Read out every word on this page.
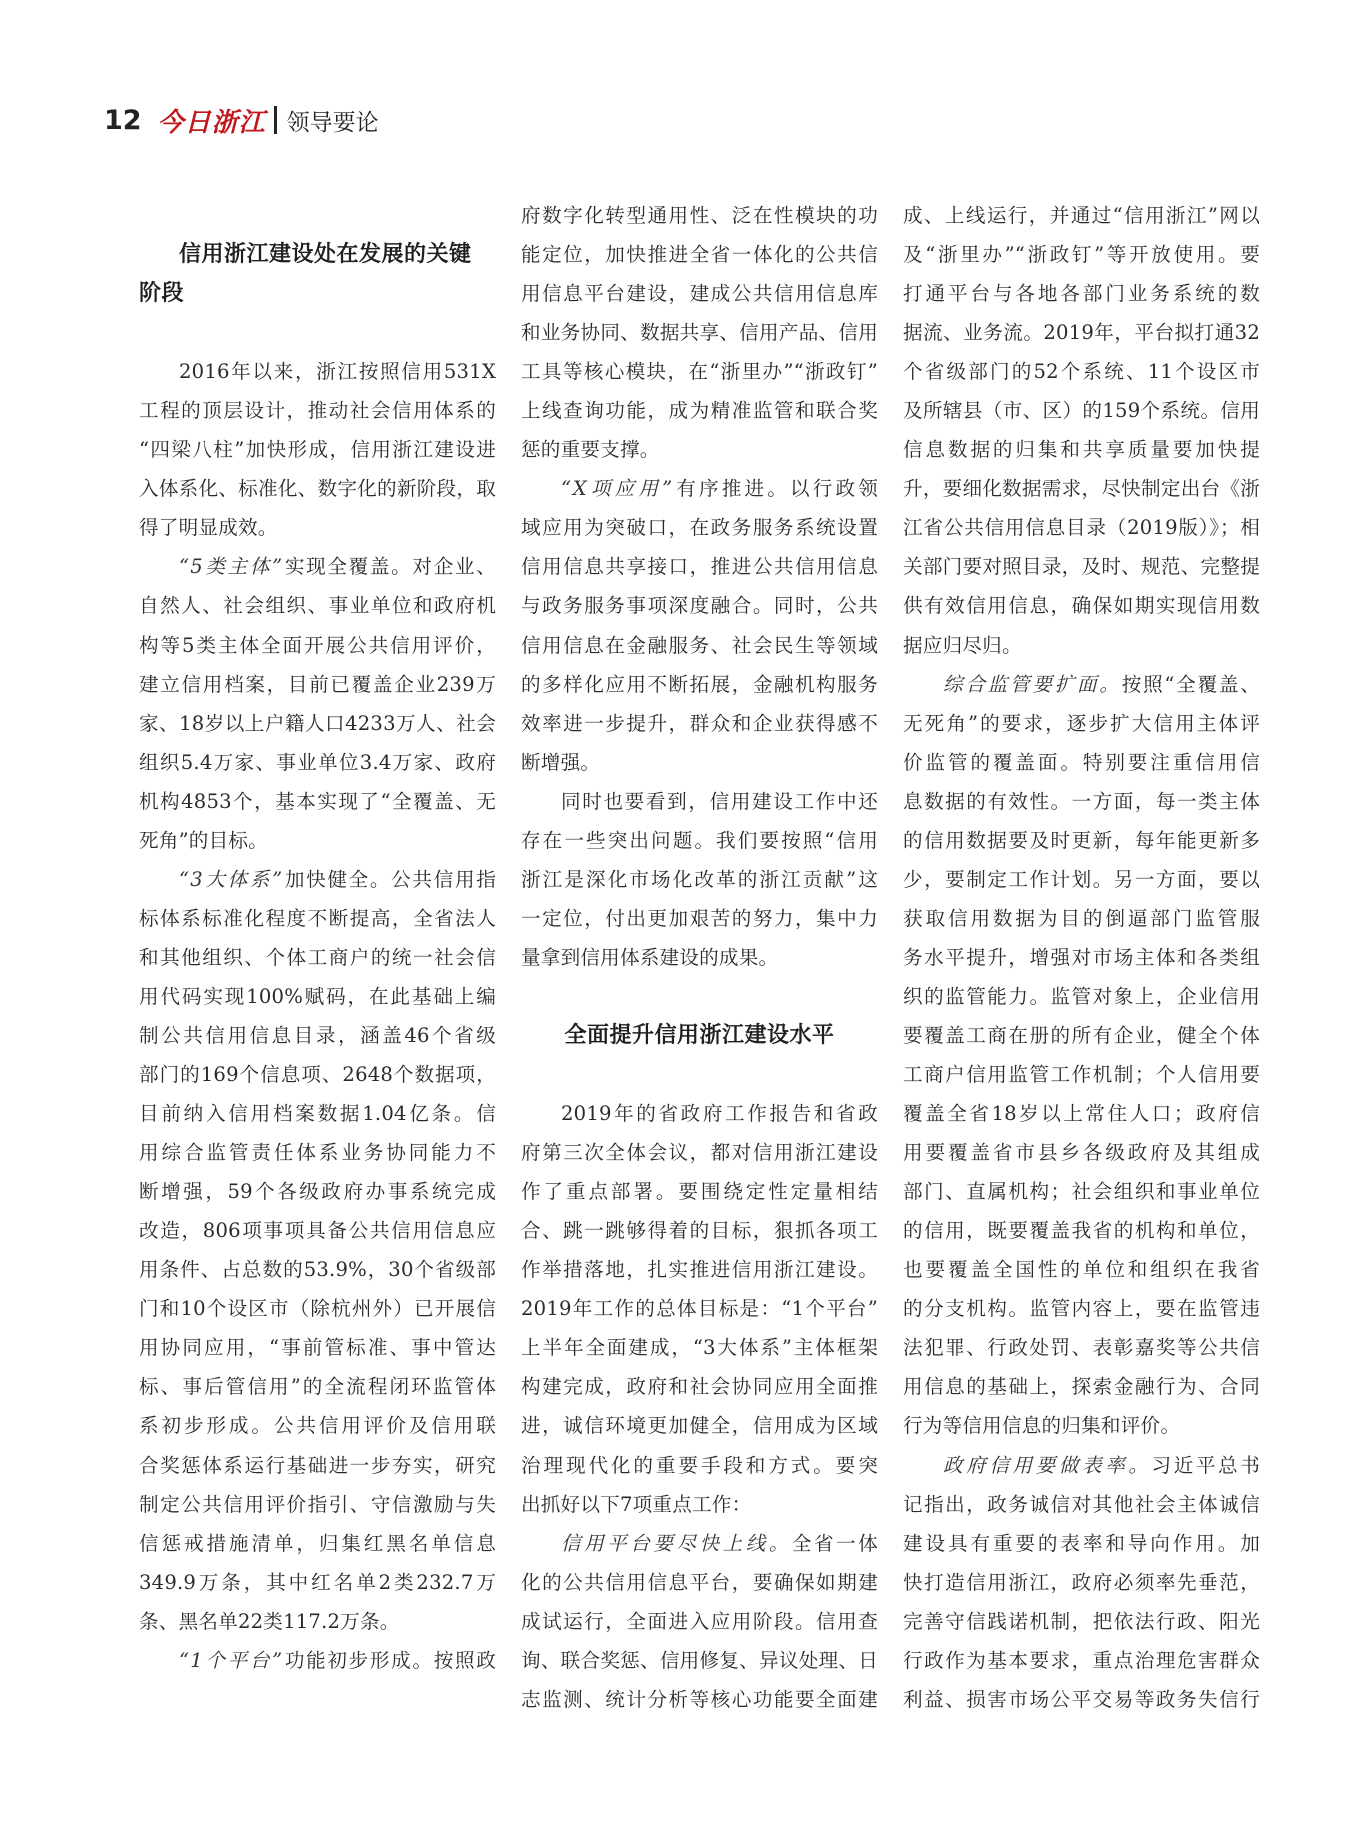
12 今日浙江 领导要论
信用浙江建设处在发展的关键
阶段
2016年以来，浙江按照信用531X
工程的顶层设计，推动社会信用体系的
“四梁八柱”加快形成，信用浙江建设进
入体系化、标准化、数字化的新阶段，取
得了明显成效。
“5类主体”实现全覆盖。对企业、
自然人、社会组织、事业单位和政府机
构等5类主体全面开展公共信用评价，
建立信用档案，目前已覆盖企业239万
家、18岁以上户籍人口4233万人、社会
组织5.4万家、事业单位3.4万家、政府
机构4853个，基本实现了“全覆盖、无
死角”的目标。
“3大体系”加快健全。公共信用指
标体系标准化程度不断提高，全省法人
和其他组织、个体工商户的统一社会信
用代码实现100%赋码，在此基础上编
制公共信用信息目录，涵盖46个省级
部门的169个信息项、2648个数据项，
目前纳入信用档案数据1.04亿条。信
用综合监管责任体系业务协同能力不
断增强，59个各级政府办事系统完成
改造，806项事项具备公共信用信息应
用条件、占总数的53.9%，30个省级部
门和10个设区市（除杭州外）已开展信
用协同应用，“事前管标准、事中管达
标、事后管信用”的全流程闭环监管体
系初步形成。公共信用评价及信用联
合奖惩体系运行基础进一步夯实，研究
制定公共信用评价指引、守信激励与失
信惩戒措施清单，归集红黑名单信息
349.9万条，其中红名单2类232.7万
条、黑名单22类117.2万条。
“1个平台”功能初步形成。按照政
府数字化转型通用性、泛在性模块的功
能定位，加快推进全省一体化的公共信
用信息平台建设，建成公共信用信息库
和业务协同、数据共享、信用产品、信用
工具等核心模块，在“浙里办”“浙政钉”
上线查询功能，成为精准监管和联合奖
惩的重要支撑。
“X项应用”有序推进。以行政领
域应用为突破口，在政务服务系统设置
信用信息共享接口，推进公共信用信息
与政务服务事项深度融合。同时，公共
信用信息在金融服务、社会民生等领域
的多样化应用不断拓展，金融机构服务
效率进一步提升，群众和企业获得感不
断增强。
同时也要看到，信用建设工作中还
存在一些突出问题。我们要按照“信用
浙江是深化市场化改革的浙江贡献”这
一定位，付出更加艰苦的努力，集中力
量拿到信用体系建设的成果。
全面提升信用浙江建设水平
2019年的省政府工作报告和省政
府第三次全体会议，都对信用浙江建设
作了重点部署。要围绕定性定量相结
合、跳一跳够得着的目标，狠抓各项工
作举措落地，扎实推进信用浙江建设。
2019年工作的总体目标是：“1个平台”
上半年全面建成，“3大体系”主体框架
构建完成，政府和社会协同应用全面推
进，诚信环境更加健全，信用成为区域
治理现代化的重要手段和方式。要突
出抓好以下7项重点工作：
信用平台要尽快上线。全省一体
化的公共信用信息平台，要确保如期建
成试运行，全面进入应用阶段。信用查
询、联合奖惩、信用修复、异议处理、日
志监测、统计分析等核心功能要全面建
成、上线运行，并通过“信用浙江”网以
及“浙里办”“浙政钉”等开放使用。要
打通平台与各地各部门业务系统的数
据流、业务流。2019年，平台拟打通32
个省级部门的52个系统、11个设区市
及所辖县（市、区）的159个系统。信用
信息数据的归集和共享质量要加快提
升，要细化数据需求，尽快制定出台《浙
江省公共信用信息目录（2019版）》；相
关部门要对照目录，及时、规范、完整提
供有效信用信息，确保如期实现信用数
据应归尽归。
综合监管要扩面。按照“全覆盖、
无死角”的要求，逐步扩大信用主体评
价监管的覆盖面。特别要注重信用信
息数据的有效性。一方面，每一类主体
的信用数据要及时更新，每年能更新多
少，要制定工作计划。另一方面，要以
获取信用数据为目的倒逼部门监管服
务水平提升，增强对市场主体和各类组
织的监管能力。监管对象上，企业信用
要覆盖工商在册的所有企业，健全个体
工商户信用监管工作机制；个人信用要
覆盖全省18岁以上常住人口；政府信
用要覆盖省市县乡各级政府及其组成
部门、直属机构；社会组织和事业单位
的信用，既要覆盖我省的机构和单位，
也要覆盖全国性的单位和组织在我省
的分支机构。监管内容上，要在监管违
法犯罪、行政处罚、表彰嘉奖等公共信
用信息的基础上，探索金融行为、合同
行为等信用信息的归集和评价。
政府信用要做表率。习近平总书
记指出，政务诚信对其他社会主体诚信
建设具有重要的表率和导向作用。加
快打造信用浙江，政府必须率先垂范，
完善守信践诺机制，把依法行政、阳光
行政作为基本要求，重点治理危害群众
利益、损害市场公平交易等政务失信行
